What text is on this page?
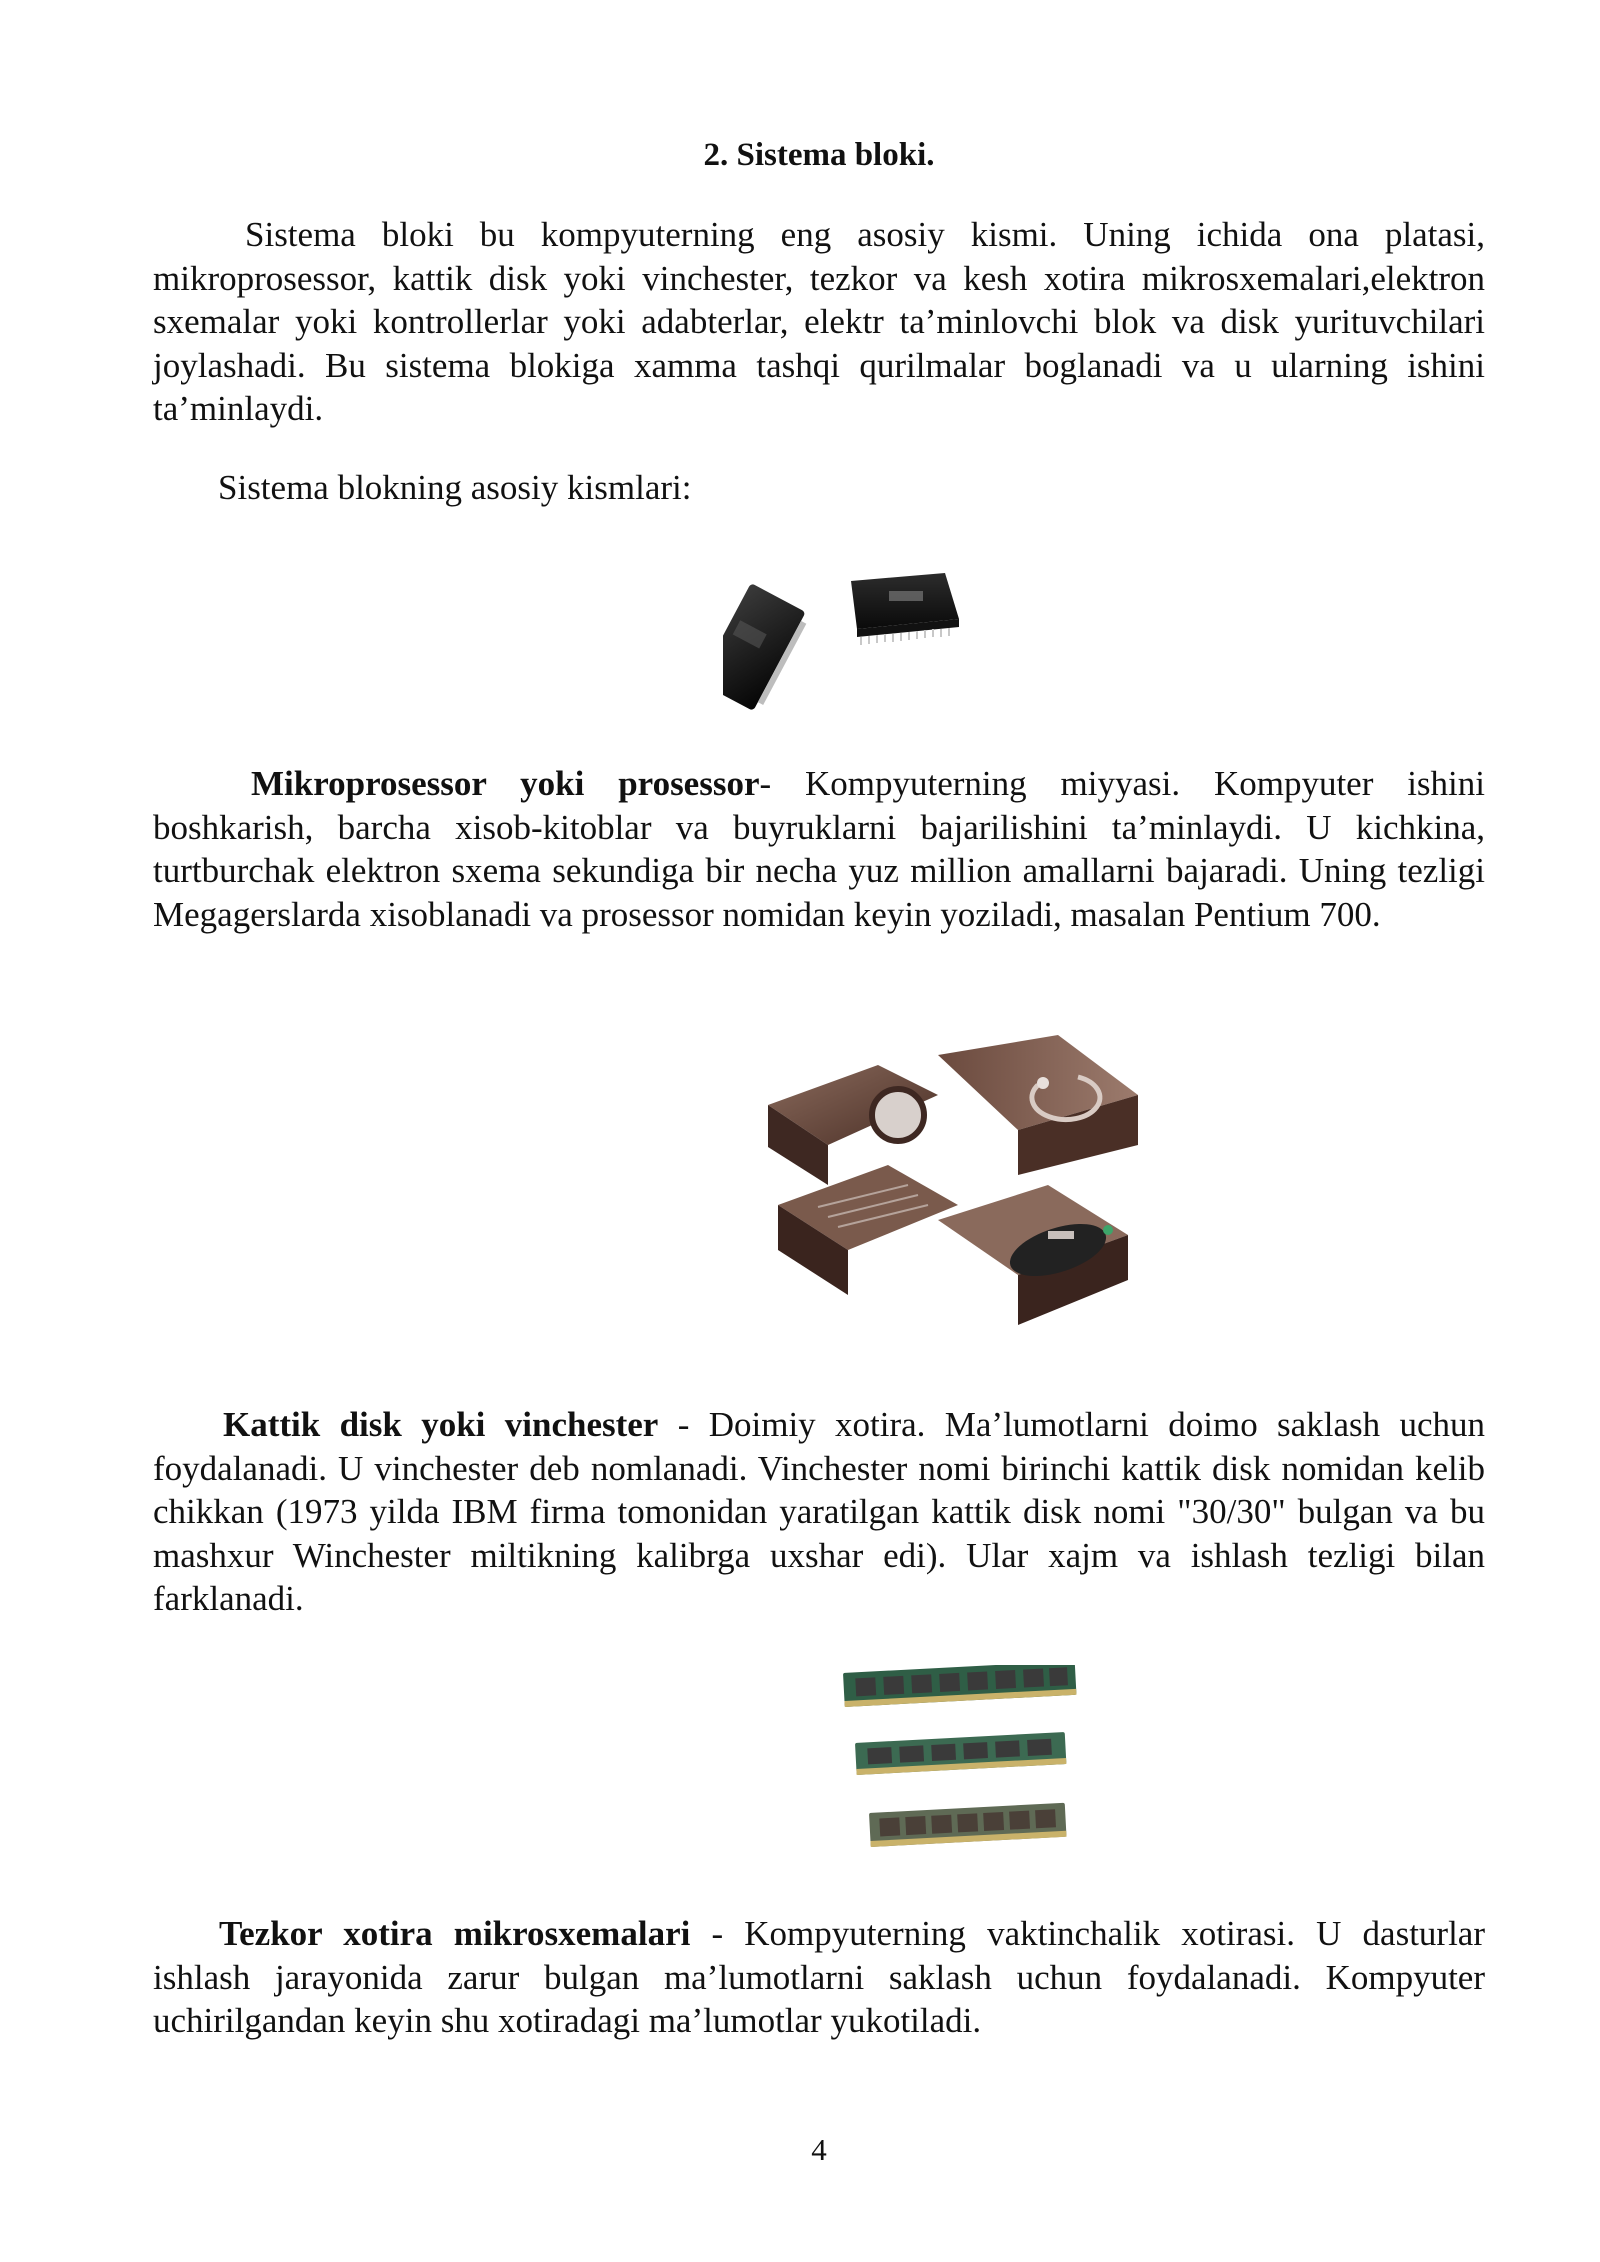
2. Sistema bloki.

Sistema bloki bu kompyuterning eng asosiy kismi. Uning ichida ona platasi, mikroprosessor, kattik disk yoki vinchester, tezkor va kesh xotira mikrosxemalari,elektron sxemalar yoki kontrollerlar yoki adabterlar, elektr ta’minlovchi blok va disk yurituvchilari joylashadi. Bu sistema blokiga xamma tashqi qurilmalar boglanadi va u ularning ishini ta’minlaydi.

Sistema blokning asosiy kismlari:

Mikroprosessor yoki prosessor- Kompyuterning miyyasi. Kompyuter ishini boshkarish, barcha xisob-kitoblar va buyruklarni bajarilishini ta’minlaydi. U kichkina, turtburchak elektron sxema sekundiga bir necha yuz million amallarni bajaradi. Uning tezligi Megagerslarda xisoblanadi va prosessor nomidan keyin yoziladi, masalan Pentium 700.

Kattik disk yoki vinchester - Doimiy xotira. Ma’lumotlarni doimo saklash uchun foydalanadi. U vinchester deb nomlanadi. Vinchester nomi birinchi kattik disk nomidan kelib chikkan (1973 yilda IBM firma tomonidan yaratilgan kattik disk nomi "30/30" bulgan va bu mashxur Winchester miltikning kalibrga uxshar edi). Ular xajm va ishlash tezligi bilan farklanadi.

Tezkor xotira mikrosxemalari - Kompyuterning vaktinchalik xotirasi. U dasturlar ishlash jarayonida zarur bulgan ma’lumotlarni saklash uchun foydalanadi. Kompyuter uchirilgandan keyin shu xotiradagi ma’lumotlar yukotiladi.

4
